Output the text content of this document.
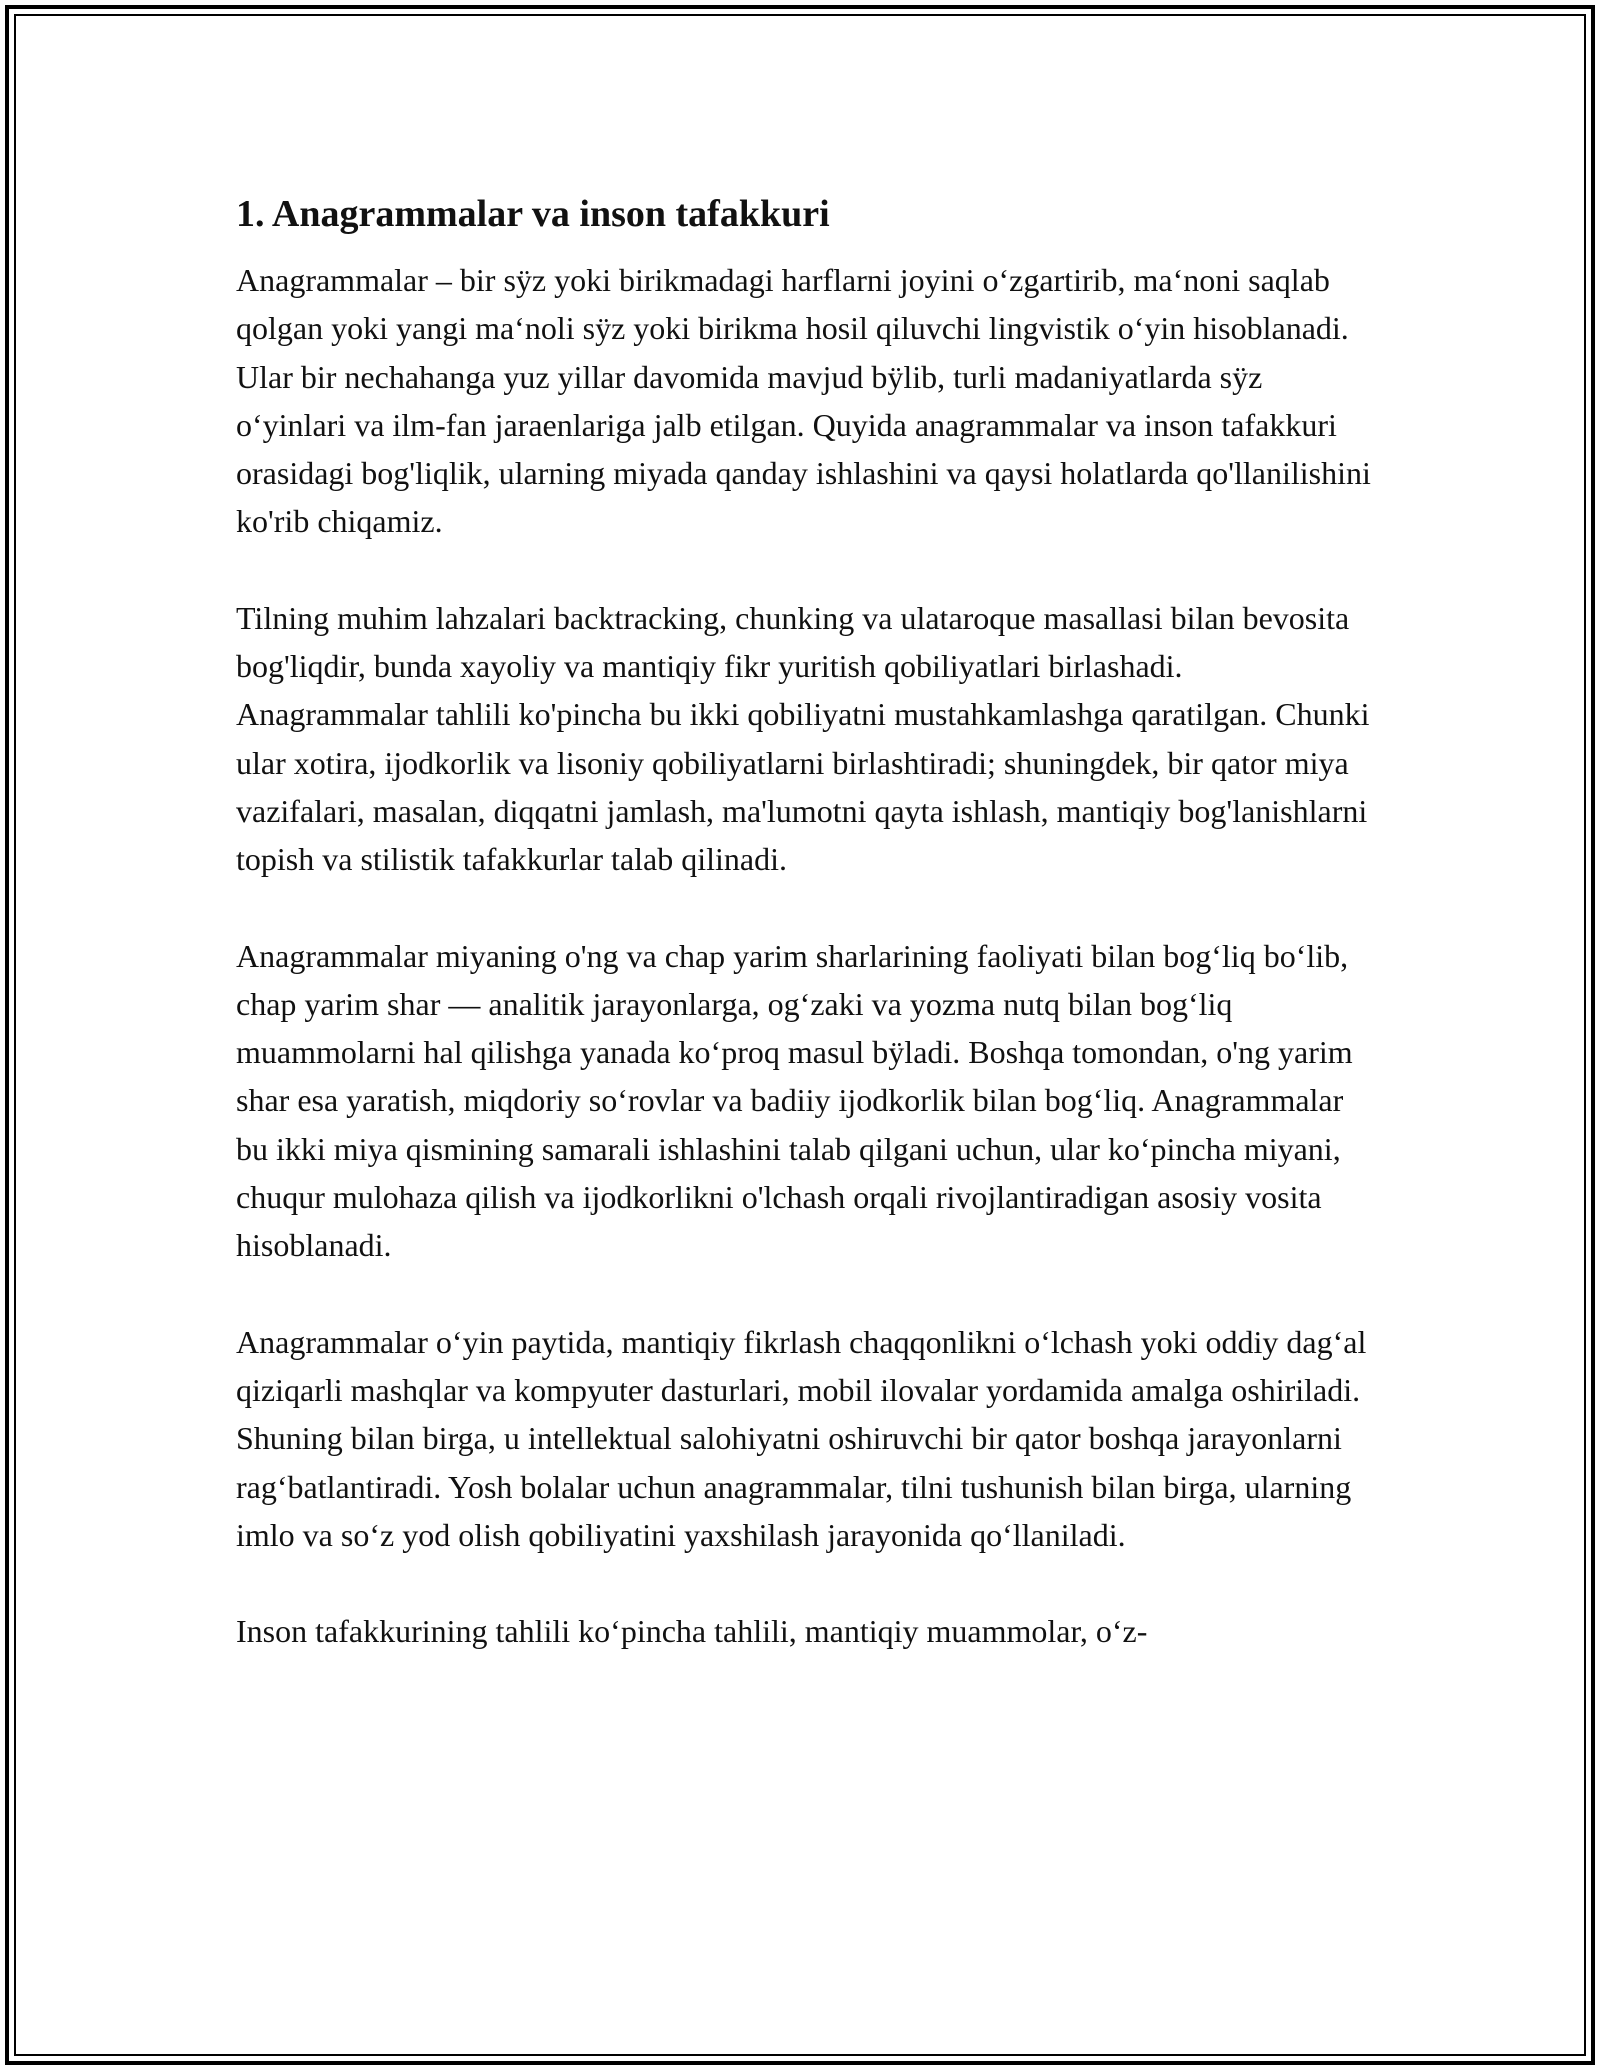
1. Anagrammalar va inson tafakkuri

Anagrammalar – bir sÿz yoki birikmadagi harflarni joyini o‘zgartirib, ma‘noni saqlab qolgan yoki yangi ma‘noli sÿz yoki birikma hosil qiluvchi lingvistik o‘yin hisoblanadi. Ular bir nechahanga yuz yillar davomida mavjud bÿlib, turli madaniyatlarda sÿz o‘yinlari va ilm-fan jaraenlariga jalb etilgan. Quyida anagrammalar va inson tafakkuri orasidagi bog'liqlik, ularning miyada qanday ishlashini va qaysi holatlarda qo'llanilishini ko'rib chiqamiz.

Tilning muhim lahzalari backtracking, chunking va ulataroque masallasi bilan bevosita bog'liqdir, bunda xayoliy va mantiqiy fikr yuritish qobiliyatlari birlashadi. Anagrammalar tahlili ko'pincha bu ikki qobiliyatni mustahkamlashga qaratilgan. Chunki ular xotira, ijodkorlik va lisoniy qobiliyatlarni birlashtiradi; shuningdek, bir qator miya vazifalari, masalan, diqqatni jamlash, ma'lumotni qayta ishlash, mantiqiy bog'lanishlarni topish va stilistik tafakkurlar talab qilinadi.

Anagrammalar miyaning o'ng va chap yarim sharlarining faoliyati bilan bog‘liq bo‘lib, chap yarim shar — analitik jarayonlarga, og‘zaki va yozma nutq bilan bog‘liq muammolarni hal qilishga yanada ko‘proq masul bÿladi. Boshqa tomondan, o'ng yarim shar esa yaratish, miqdoriy so‘rovlar va badiiy ijodkorlik bilan bog‘liq. Anagrammalar bu ikki miya qismining samarali ishlashini talab qilgani uchun, ular ko‘pincha miyani, chuqur mulohaza qilish va ijodkorlikni o'lchash orqali rivojlantiradigan asosiy vosita hisoblanadi.

Anagrammalar o‘yin paytida, mantiqiy fikrlash chaqqonlikni o‘lchash yoki oddiy dag‘al qiziqarli mashqlar va kompyuter dasturlari, mobil ilovalar yordamida amalga oshiriladi. Shuning bilan birga, u intellektual salohiyatni oshiruvchi bir qator boshqa jarayonlarni rag‘batlantiradi. Yosh bolalar uchun anagrammalar, tilni tushunish bilan birga, ularning imlo va so‘z yod olish qobiliyatini yaxshilash jarayonida qo‘llaniladi.

Inson tafakkurining tahlili ko‘pincha tahlili, mantiqiy muammolar, o‘z-
